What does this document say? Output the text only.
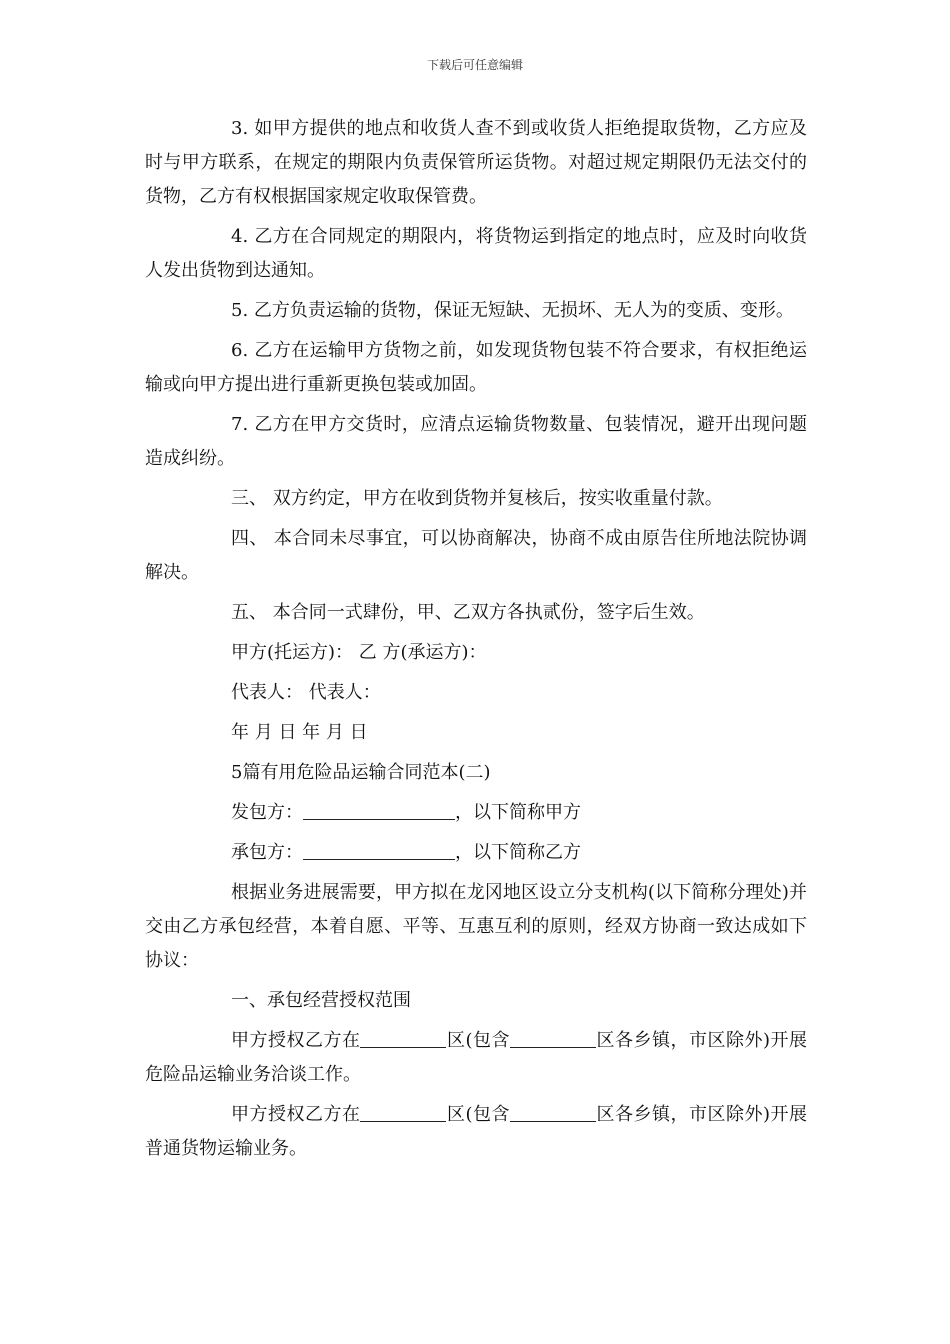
下载后可任意编辑

3. 如甲方提供的地点和收货人查不到或收货人拒绝提取货物，乙方应及时与甲方联系，在规定的期限内负责保管所运货物。对超过规定期限仍无法交付的货物，乙方有权根据国家规定收取保管费。

4. 乙方在合同规定的期限内，将货物运到指定的地点时，应及时向收货人发出货物到达通知。

5. 乙方负责运输的货物，保证无短缺、无损坏、无人为的变质、变形。

6. 乙方在运输甲方货物之前，如发现货物包装不符合要求，有权拒绝运输或向甲方提出进行重新更换包装或加固。

7. 乙方在甲方交货时，应清点运输货物数量、包装情况，避开出现问题造成纠纷。

三、 双方约定，甲方在收到货物并复核后，按实收重量付款。

四、 本合同未尽事宜，可以协商解决，协商不成由原告住所地法院协调解决。

五、 本合同一式肆份，甲、乙双方各执贰份，签字后生效。

甲方(托运方)： 乙 方(承运方)：

代表人： 代表人：

年 月 日 年 月 日

5篇有用危险品运输合同范本(二)

发包方：	，以下简称甲方

承包方：	，以下简称乙方

根据业务进展需要，甲方拟在龙冈地区设立分支机构(以下简称分理处)并交由乙方承包经营，本着自愿、平等、互惠互利的原则，经双方协商一致达成如下协议：

一、承包经营授权范围

甲方授权乙方在	区(包含	区各乡镇，市区除外)开展危险品运输业务洽谈工作。

甲方授权乙方在	区(包含	区各乡镇，市区除外)开展普通货物运输业务。
